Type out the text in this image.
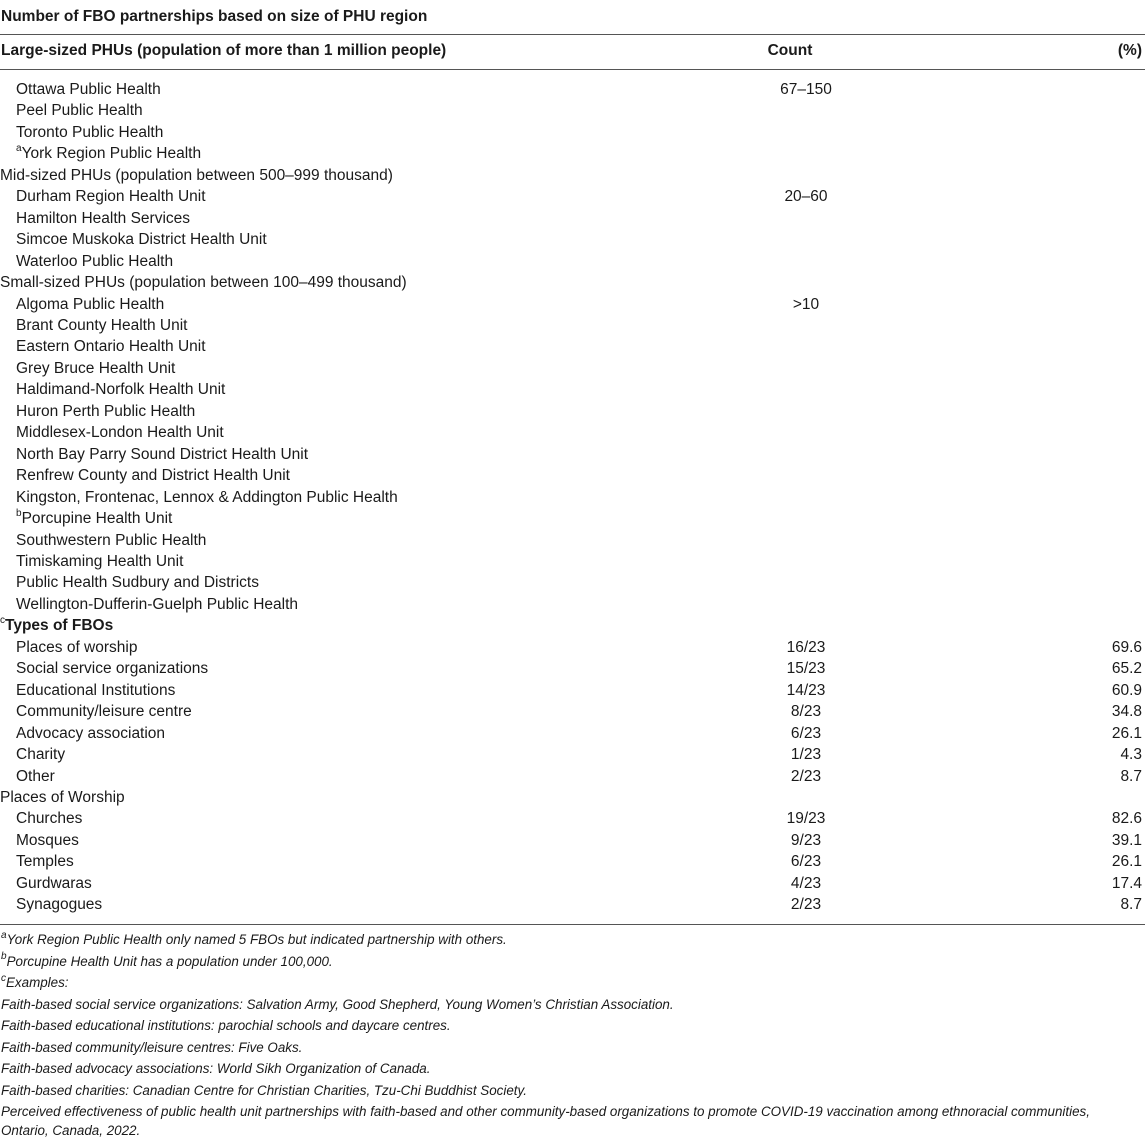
Number of FBO partnerships based on size of PHU region
Large-sized PHUs (population of more than 1 million people)	Count	(%)
Ottawa Public Health	67–150	
Peel Public Health		
Toronto Public Health		
$^a$York Region Public Health		
Mid-sized PHUs (population between 500–999 thousand)		
Durham Region Health Unit	20–60	
Hamilton Health Services		
Simcoe Muskoka District Health Unit		
Waterloo Public Health		
Small-sized PHUs (population between 100–499 thousand)		
Algoma Public Health	>10	
Brant County Health Unit		
Eastern Ontario Health Unit		
Grey Bruce Health Unit		
Haldimand-Norfolk Health Unit		
Huron Perth Public Health		
Middlesex-London Health Unit		
North Bay Parry Sound District Health Unit		
Renfrew County and District Health Unit		
Kingston, Frontenac, Lennox & Addington Public Health		
$^b$Porcupine Health Unit		
Southwestern Public Health		
Timiskaming Health Unit		
Public Health Sudbury and Districts		
Wellington-Dufferin-Guelph Public Health		
$^c$Types of FBOs		
Places of worship	16/23	69.6
Social service organizations	15/23	65.2
Educational Institutions	14/23	60.9
Community/leisure centre	8/23	34.8
Advocacy association	6/23	26.1
Charity	1/23	4.3
Other	2/23	8.7
Places of Worship		
Churches	19/23	82.6
Mosques	9/23	39.1
Temples	6/23	26.1
Gurdwaras	4/23	17.4
Synagogues	2/23	8.7
$^a$York Region Public Health only named 5 FBOs but indicated partnership with others.
$^b$Porcupine Health Unit has a population under 100,000.
$^c$Examples:
Faith-based social service organizations: Salvation Army, Good Shepherd, Young Women’s Christian Association.
Faith-based educational institutions: parochial schools and daycare centres.
Faith-based community/leisure centres: Five Oaks.
Faith-based advocacy associations: World Sikh Organization of Canada.
Faith-based charities: Canadian Centre for Christian Charities, Tzu-Chi Buddhist Society.
Perceived effectiveness of public health unit partnerships with faith-based and other community-based organizations to promote COVID-19 vaccination among ethnoracial communities, Ontario, Canada, 2022.
